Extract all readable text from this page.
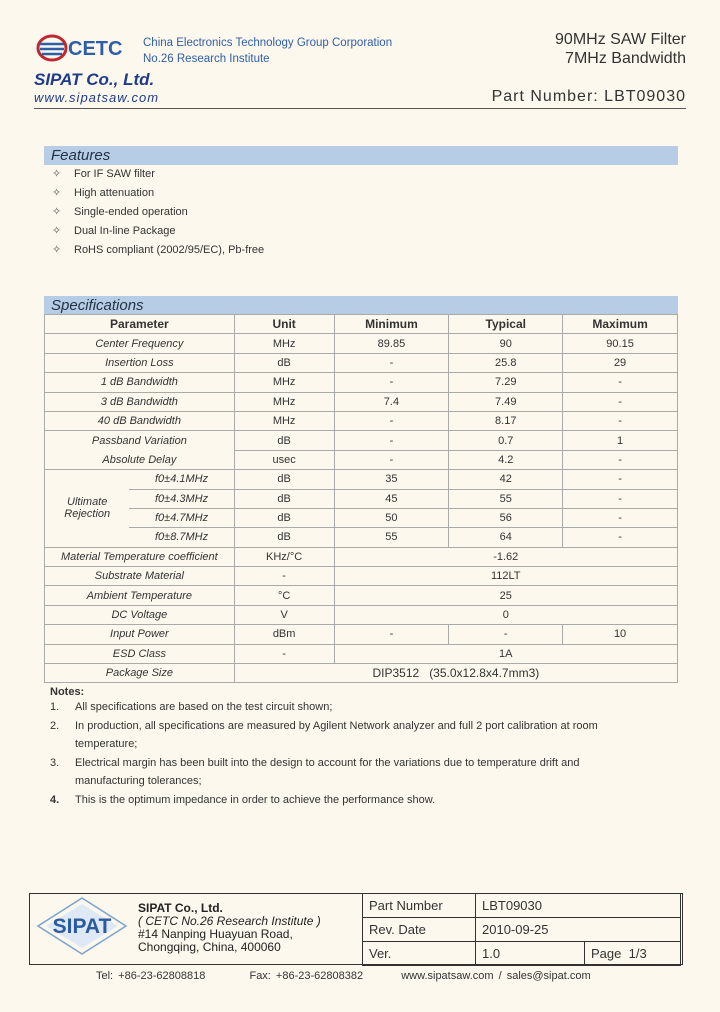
CETC China Electronics Technology Group Corporation
No.26 Research Institute
90MHz SAW Filter
7MHz Bandwidth
SIPAT Co., Ltd.
www.sipatsaw.com	Part Number: LBT09030
Features
✧ For IF SAW filter
✧ High attenuation
✧ Single-ended operation
✧ Dual In-line Package
✧ RoHS compliant (2002/95/EC), Pb-free
Specifications
Parameter		Unit	Minimum	Typical	Maximum
Center Frequency		MHz	89.85	90	90.15
Insertion Loss		dB	-	25.8	29
1 dB Bandwidth		MHz	-	7.29	-
3 dB Bandwidth		MHz	7.4	7.49	-
40 dB Bandwidth		MHz	-	8.17	-
Passband Variation		dB	-	0.7	1
Absolute Delay		usec	-	4.2	-
Ultimate Rejection	f0±4.1MHz	dB	35	42	-
	f0±4.3MHz	dB	45	55	-
	f0±4.7MHz	dB	50	56	-
	f0±8.7MHz	dB	55	64	-
Material Temperature coefficient		KHz/°C	-1.62		
Substrate Material		-	112LT		
Ambient Temperature		°C	25		
DC Voltage		V	0		
Input Power		dBm	-	-	10
ESD Class		-	1A		
Package Size		DIP3512 (35.0x12.8x4.7mm3)			
Notes:
1.	All specifications are based on the test circuit shown;
2.	In production, all specifications are measured by Agilent Network analyzer and full 2 port calibration at room temperature;
3.	Electrical margin has been built into the design to account for the variations due to temperature drift and manufacturing tolerances;
4.	This is the optimum impedance in order to achieve the performance show.
SIPAT
SIPAT Co., Ltd.
( CETC No.26 Research Institute )
#14 Nanping Huayuan Road,
Chongqing, China, 400060
Part Number	LBT09030	
Rev. Date	2010-09-25	
Ver.	1.0	Page 1/3
Tel: +86-23-62808818	Fax: +86-23-62808382	www.sipatsaw.com / sales@sipat.com
